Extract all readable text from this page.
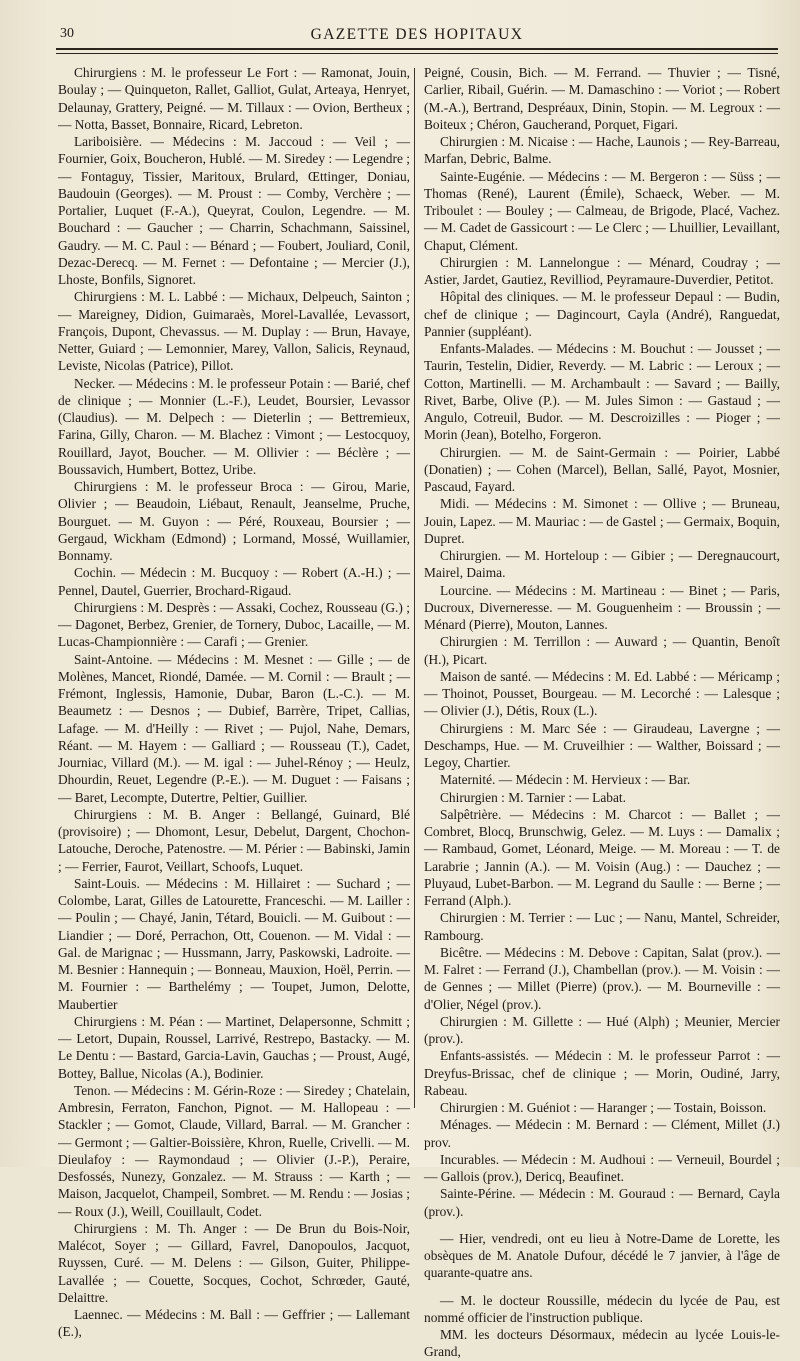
30	GAZETTE DES HOPITAUX

Chirurgiens : M. le professeur Le Fort : — Ramonat, Jouin, Boulay ; — Quinqueton, Rallet, Galliot, Gulat, Arteaya, Henryet, Delaunay, Grattery, Peigné. — M. Tillaux : — Ovion, Bertheux ; — Notta, Basset, Bonnaire, Ricard, Lebreton.

Lariboisière. — Médecins : M. Jaccoud : — Veil ; — Fournier, Goix, Boucheron, Hublé. — M. Siredey : — Legendre ; — Fontaguy, Tissier, Maritoux, Brulard, Œttinger, Doniau, Baudouin (Georges). — M. Proust : — Comby, Verchère ; — Portalier, Luquet (F.-A.), Queyrat, Coulon, Legendre. — M. Bouchard : — Gaucher ; — Charrin, Schachmann, Saissinel, Gaudry. — M. C. Paul : — Bénard ; — Foubert, Jouliard, Conil, Dezac-Derecq. — M. Fernet : — Defontaine ; — Mercier (J.), Lhoste, Bonfils, Signoret.

Chirurgiens : M. L. Labbé : — Michaux, Delpeuch, Sainton ; — Mareigney, Didion, Guimaraès, Morel-Lavallée, Levassort, François, Dupont, Chevassus. — M. Duplay : — Brun, Havaye, Netter, Guiard ; — Lemonnier, Marey, Vallon, Salicis, Reynaud, Leviste, Nicolas (Patrice), Pillot.

Necker. — Médecins : M. le professeur Potain : — Barié, chef de clinique ; — Monnier (L.-F.), Leudet, Boursier, Levassor (Claudius). — M. Delpech : — Dieterlin ; — Bettremieux, Farina, Gilly, Charon. — M. Blachez : Vimont ; — Lestocquoy, Rouillard, Jayot, Boucher. — M. Ollivier : — Béclère ; — Boussavich, Humbert, Bottez, Uribe.

Chirurgiens : M. le professeur Broca : — Girou, Marie, Olivier ; — Beaudoin, Liébaut, Renault, Jeanselme, Pruche, Bourguet. — M. Guyon : — Péré, Rouxeau, Boursier ; — Gergaud, Wickham (Edmond) ; Lormand, Mossé, Wuillamier, Bonnamy.

Cochin. — Médecin : M. Bucquoy : — Robert (A.-H.) ; — Pennel, Dautel, Guerrier, Brochard-Rigaud.

Chirurgiens : M. Desprès : — Assaki, Cochez, Rousseau (G.) ; — Dagonet, Berbez, Grenier, de Tornery, Duboc, Lacaille, — M. Lucas-Championnière : — Carafi ; — Grenier.

Saint-Antoine. — Médecins : M. Mesnet : — Gille ; — de Molènes, Mancet, Riondé, Damée. — M. Cornil : — Brault ; — Frémont, Inglessis, Hamonie, Dubar, Baron (L.-C.). — M. Beaumetz : — Desnos ; — Dubief, Barrère, Tripet, Callias, Lafage. — M. d'Heilly : — Rivet ; — Pujol, Nahe, Demars, Réant. — M. Hayem : — Galliard ; — Rousseau (T.), Cadet, Journiac, Villard (M.). — M. igal : — Juhel-Rénoy ; — Heulz, Dhourdin, Reuet, Legendre (P.-E.). — M. Duguet : — Faisans ; — Baret, Lecompte, Dutertre, Peltier, Guillier.

Chirurgiens : M. B. Anger : Bellangé, Guinard, Blé (provisoire) ; — Dhomont, Lesur, Debelut, Dargent, Chochon-Latouche, Deroche, Patenostre. — M. Périer : — Babinski, Jamin ; — Ferrier, Faurot, Veillart, Schoofs, Luquet.

Saint-Louis. — Médecins : M. Hillairet : — Suchard ; — Colombe, Larat, Gilles de Latourette, Franceschi. — M. Lailler : — Poulin ; — Chayé, Janin, Tétard, Bouicli. — M. Guibout : — Liandier ; — Doré, Perrachon, Ott, Couenon. — M. Vidal : — Gal. de Marignac ; — Hussmann, Jarry, Paskowski, Ladroite. — M. Besnier : Hannequin ; — Bonneau, Mauxion, Hoël, Perrin. — M. Fournier : — Barthelémy ; — Toupet, Jumon, Delotte, Maubertier

Chirurgiens : M. Péan : — Martinet, Delapersonne, Schmitt ; — Letort, Dupain, Roussel, Larrivé, Restrepo, Bastacky. — M. Le Dentu : — Bastard, Garcia-Lavin, Gauchas ; — Proust, Augé, Bottey, Ballue, Nicolas (A.), Bodinier.

Tenon. — Médecins : M. Gérin-Roze : — Siredey ; Chatelain, Ambresin, Ferraton, Fanchon, Pignot. — M. Hallopeau : — Stackler ; — Gomot, Claude, Villard, Barral. — M. Grancher : — Germont ; — Galtier-Boissière, Khron, Ruelle, Crivelli. — M. Dieulafoy : — Raymondaud ; — Olivier (J.-P.), Peraire, Desfossés, Nunezy, Gonzalez. — M. Strauss : — Karth ; — Maison, Jacquelot, Champeil, Sombret. — M. Rendu : — Josias ; — Roux (J.), Weill, Couillault, Codet.

Chirurgiens : M. Th. Anger : — De Brun du Bois-Noir, Malécot, Soyer ; — Gillard, Favrel, Danopoulos, Jacquot, Ruyssen, Curé. — M. Delens : — Gilson, Guiter, Philippe-Lavallée ; — Couette, Socques, Cochot, Schrœder, Gauté, Delaittre.

Laennec. — Médecins : M. Ball : — Geffrier ; — Lallemant (E.),

Peigné, Cousin, Bich. — M. Ferrand. — Thuvier ; — Tisné, Carlier, Ribail, Guérin. — M. Damaschino : — Voriot ; — Robert (M.-A.), Bertrand, Despréaux, Dinin, Stopin. — M. Legroux : — Boiteux ; Chéron, Gaucherand, Porquet, Figari.

Chirurgien : M. Nicaise : — Hache, Launois ; — Rey-Barreau, Marfan, Debric, Balme.

Sainte-Eugénie. — Médecins : — M. Bergeron : — Süss ; — Thomas (René), Laurent (Émile), Schaeck, Weber. — M. Triboulet : — Bouley ; — Calmeau, de Brigode, Placé, Vachez. — M. Cadet de Gassicourt : — Le Clerc ; — Lhuillier, Levaillant, Chaput, Clément.

Chirurgien : M. Lannelongue : — Ménard, Coudray ; — Astier, Jardet, Gautiez, Revilliod, Peyramaure-Duverdier, Petitot.

Hôpital des cliniques. — M. le professeur Depaul : — Budin, chef de clinique ; — Dagincourt, Cayla (André), Ranguedat, Pannier (suppléant).

Enfants-Malades. — Médecins : M. Bouchut : — Jousset ; — Taurin, Testelin, Didier, Reverdy. — M. Labric : — Leroux ; — Cotton, Martinelli. — M. Archambault : — Savard ; — Bailly, Rivet, Barbe, Olive (P.). — M. Jules Simon : — Gastaud ; — Angulo, Cotreuil, Budor. — M. Descroizilles : — Pioger ; — Morin (Jean), Botelho, Forgeron.

Chirurgien. — M. de Saint-Germain : — Poirier, Labbé (Donatien) ; — Cohen (Marcel), Bellan, Sallé, Payot, Mosnier, Pascaud, Fayard.

Midi. — Médecins : M. Simonet : — Ollive ; — Bruneau, Jouin, Lapez. — M. Mauriac : — de Gastel ; — Germaix, Boquin, Dupret.

Chirurgien. — M. Horteloup : — Gibier ; — Deregnaucourt, Mairel, Daima.

Lourcine. — Médecins : M. Martineau : — Binet ; — Paris, Ducroux, Diverneresse. — M. Gouguenheim : — Broussin ; — Ménard (Pierre), Mouton, Lannes.

Chirurgien : M. Terrillon : — Auward ; — Quantin, Benoît (H.), Picart.

Maison de santé. — Médecins : M. Ed. Labbé : — Méricamp ; — Thoinot, Pousset, Bourgeau. — M. Lecorché : — Lalesque ; — Olivier (J.), Détis, Roux (L.).

Chirurgiens : M. Marc Sée : — Giraudeau, Lavergne ; — Deschamps, Hue. — M. Cruveilhier : — Walther, Boissard ; — Legoy, Chartier.

Maternité. — Médecin : M. Hervieux : — Bar.

Chirurgien : M. Tarnier : — Labat.

Salpêtrière. — Médecins : M. Charcot : — Ballet ; — Combret, Blocq, Brunschwig, Gelez. — M. Luys : — Damalix ; — Rambaud, Gomet, Léonard, Meige. — M. Moreau : — T. de Larabrie ; Jannin (A.). — M. Voisin (Aug.) : — Dauchez ; — Pluyaud, Lubet-Barbon. — M. Legrand du Saulle : — Berne ; — Ferrand (Alph.).

Chirurgien : M. Terrier : — Luc ; — Nanu, Mantel, Schreider, Rambourg.

Bicêtre. — Médecins : M. Debove : Capitan, Salat (prov.). — M. Falret : — Ferrand (J.), Chambellan (prov.). — M. Voisin : — de Gennes ; — Millet (Pierre) (prov.). — M. Bourneville : — d'Olier, Négel (prov.).

Chirurgien : M. Gillette : — Hué (Alph) ; Meunier, Mercier (prov.).

Enfants-assistés. — Médecin : M. le professeur Parrot : — Dreyfus-Brissac, chef de clinique ; — Morin, Oudiné, Jarry, Rabeau.

Chirurgien : M. Guéniot : — Haranger ; — Tostain, Boisson.

Ménages. — Médecin : M. Bernard : — Clément, Millet (J.) prov.

Incurables. — Médecin : M. Audhoui : — Verneuil, Bourdel ; — Gallois (prov.), Dericq, Beaufinet.

Sainte-Périne. — Médecin : M. Gouraud : — Bernard, Cayla (prov.).

— Hier, vendredi, ont eu lieu à Notre-Dame de Lorette, les obsèques de M. Anatole Dufour, décédé le 7 janvier, à l'âge de quarante-quatre ans.

— M. le docteur Roussille, médecin du lycée de Pau, est nommé officier de l'instruction publique.

MM. les docteurs Désormaux, médecin au lycée Louis-le-Grand,
